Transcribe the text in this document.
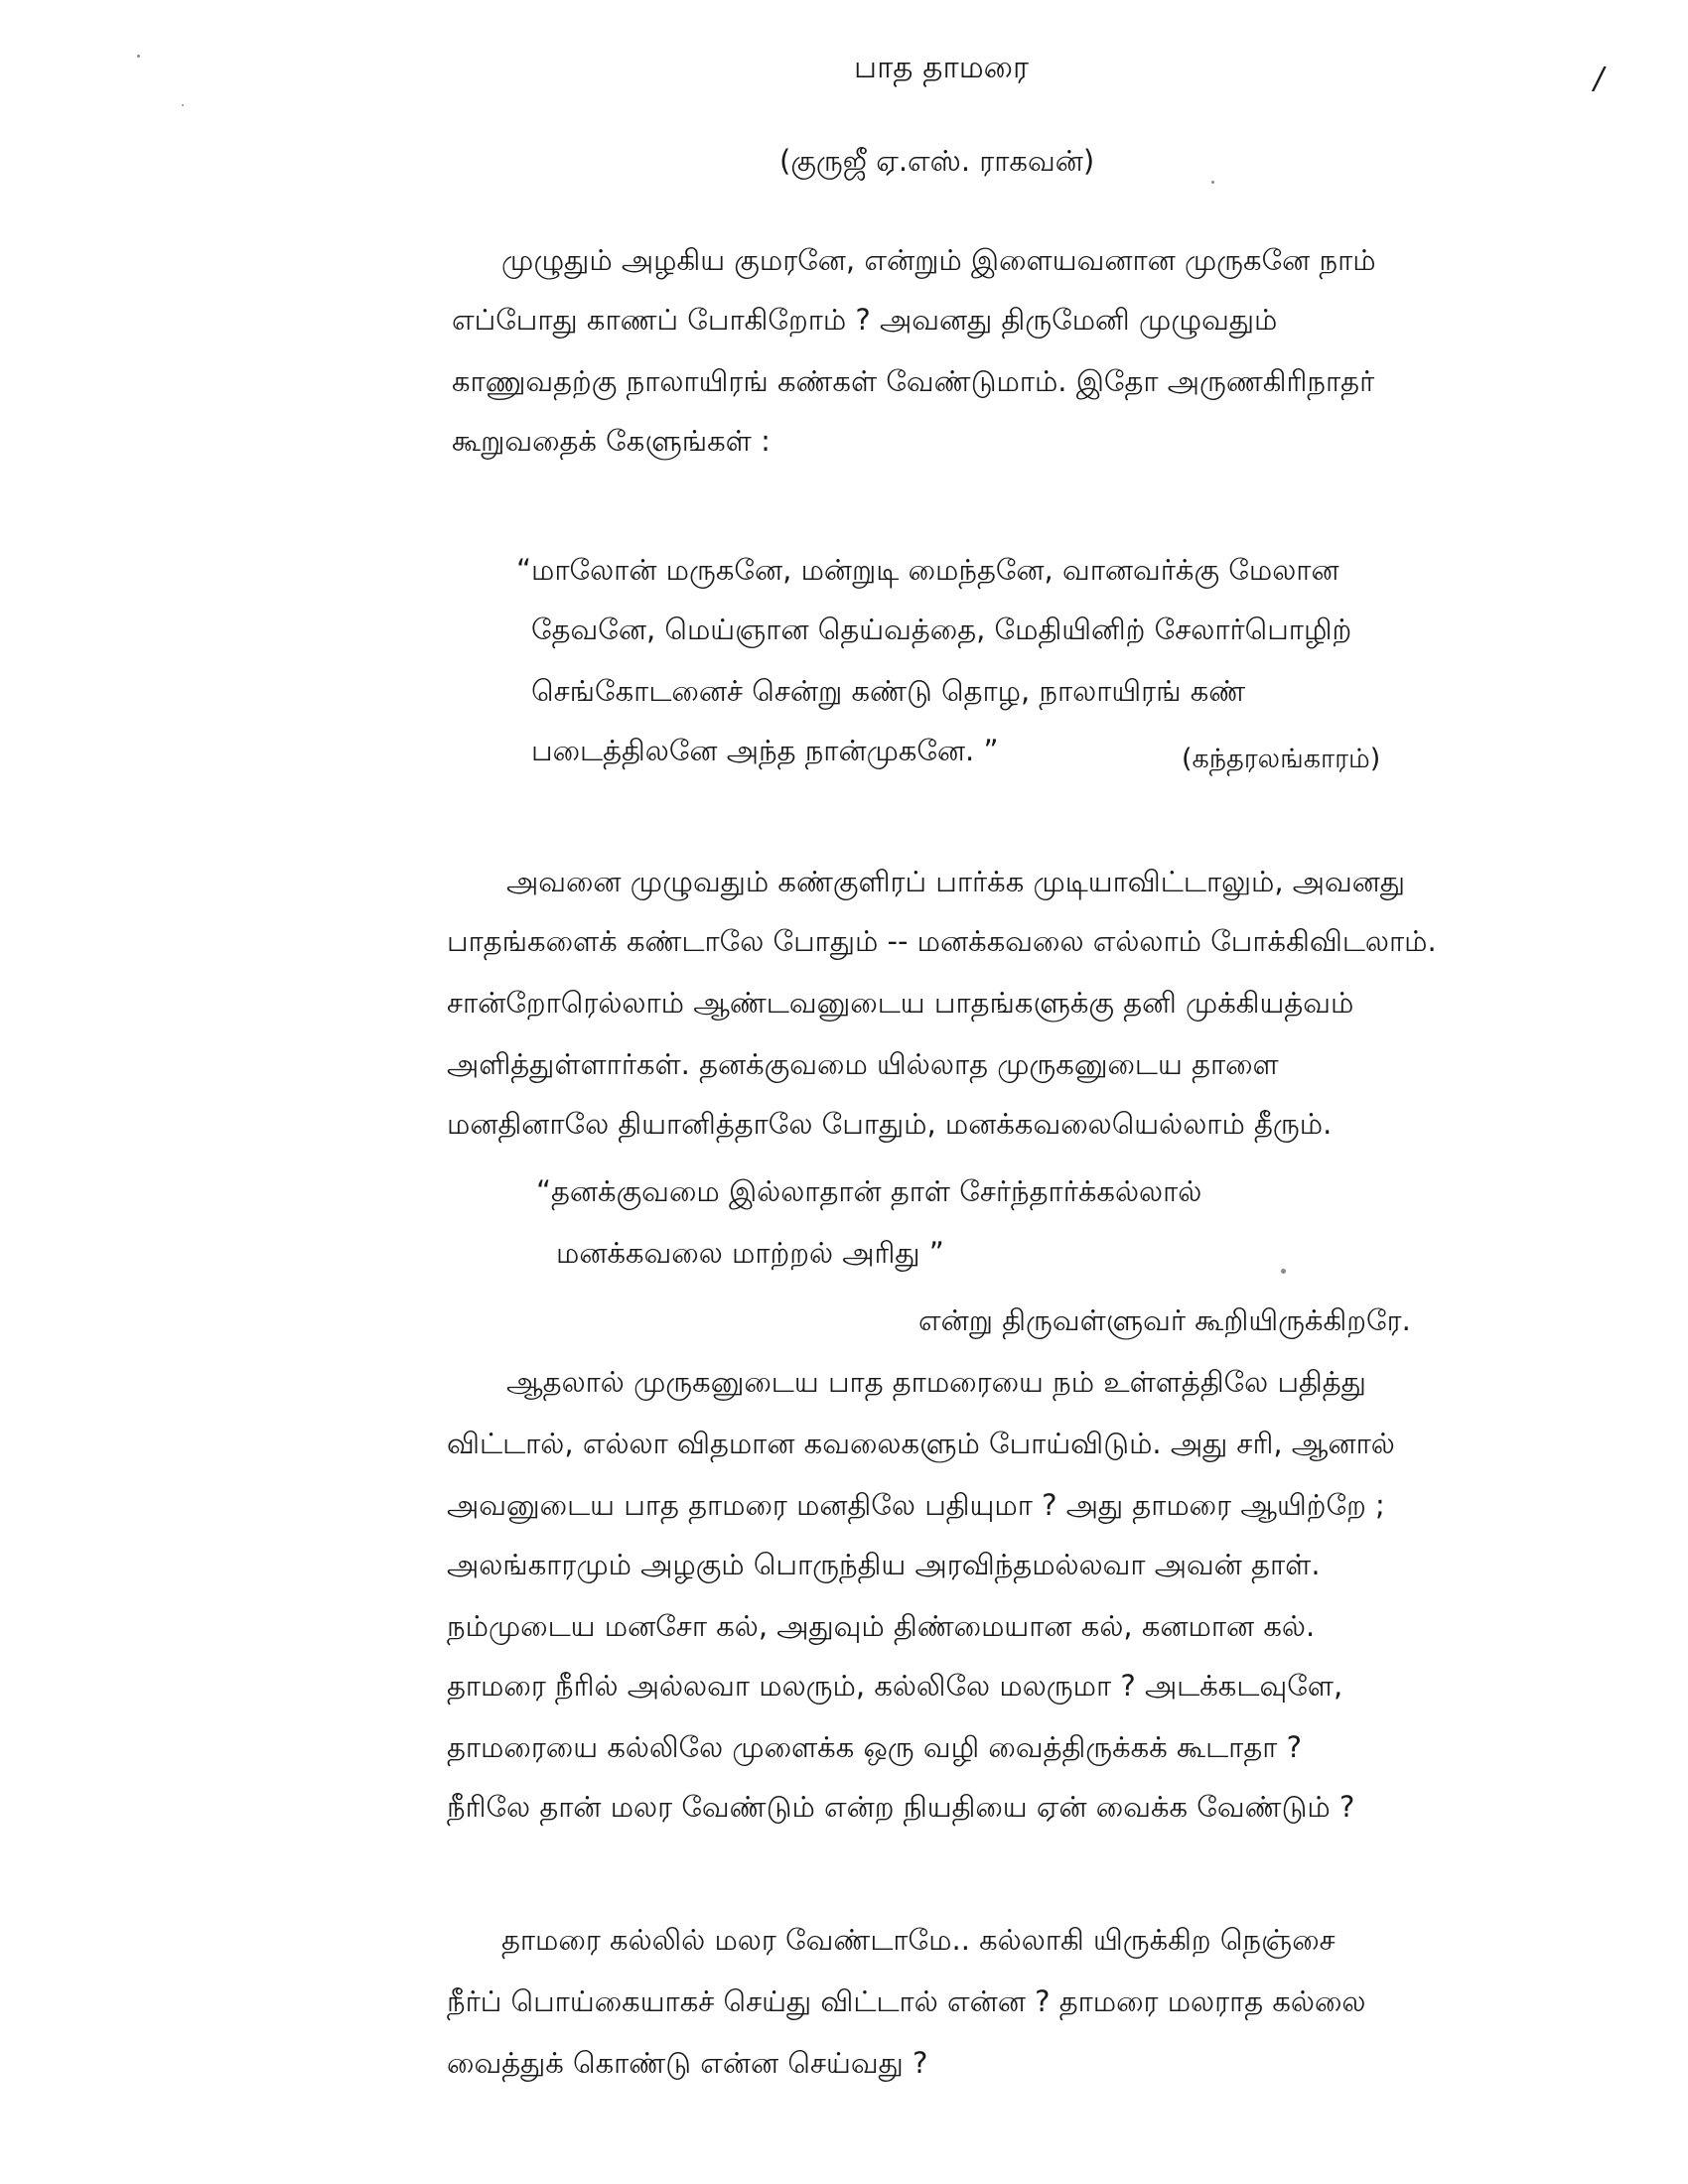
/
பாத தாமரை
(குருஜீ ஏ.எஸ். ராகவன்)
முழுதும் அழகிய குமரனே, என்றும் இளையவனான முருகனே நாம்
எப்போது காணப் போகிறோம் ? அவனது திருமேனி முழுவதும்
காணுவதற்கு நாலாயிரங் கண்கள் வேண்டுமாம். இதோ அருணகிரிநாதர்
கூறுவதைக் கேளுங்கள் :
“மாலோன் மருகனே, மன்றுடி மைந்தனே, வானவர்க்கு மேலான
தேவனே, மெய்ஞான தெய்வத்தை, மேதியினிற் சேலார்பொழிற்
செங்கோடனைச் சென்று கண்டு தொழ, நாலாயிரங் கண்
படைத்திலனே அந்த நான்முகனே. ”	(கந்தரலங்காரம்)
அவனை முழுவதும் கண்குளிரப் பார்க்க முடியாவிட்டாலும், அவனது
பாதங்களைக் கண்டாலே போதும் -- மனக்கவலை எல்லாம் போக்கிவிடலாம்.
சான்றோரெல்லாம் ஆண்டவனுடைய பாதங்களுக்கு தனி முக்கியத்வம்
அளித்துள்ளார்கள். தனக்குவமை யில்லாத முருகனுடைய தாளை
மனதினாலே தியானித்தாலே போதும், மனக்கவலையெல்லாம் தீரும்.
“தனக்குவமை இல்லாதான் தாள் சேர்ந்தார்க்கல்லால்
மனக்கவலை மாற்றல் அரிது ”
என்று திருவள்ளுவர் கூறியிருக்கிறரே.
ஆதலால் முருகனுடைய பாத தாமரையை நம் உள்ளத்திலே பதித்து
விட்டால், எல்லா விதமான கவலைகளும் போய்விடும். அது சரி, ஆனால்
அவனுடைய பாத தாமரை மனதிலே பதியுமா ? அது தாமரை ஆயிற்றே ;
அலங்காரமும் அழகும் பொருந்திய அரவிந்தமல்லவா அவன் தாள்.
நம்முடைய மனசோ கல், அதுவும் திண்மையான கல், கனமான கல்.
தாமரை நீரில் அல்லவா மலரும், கல்லிலே மலருமா ? அடக்கடவுளே,
தாமரையை கல்லிலே முளைக்க ஒரு வழி வைத்திருக்கக் கூடாதா ?
நீரிலே தான் மலர வேண்டும் என்ற நியதியை ஏன் வைக்க வேண்டும் ?
தாமரை கல்லில் மலர வேண்டாமே.. கல்லாகி யிருக்கிற நெஞ்சை
நீர்ப் பொய்கையாகச் செய்து விட்டால் என்ன ? தாமரை மலராத கல்லை
வைத்துக் கொண்டு என்ன செய்வது ?
